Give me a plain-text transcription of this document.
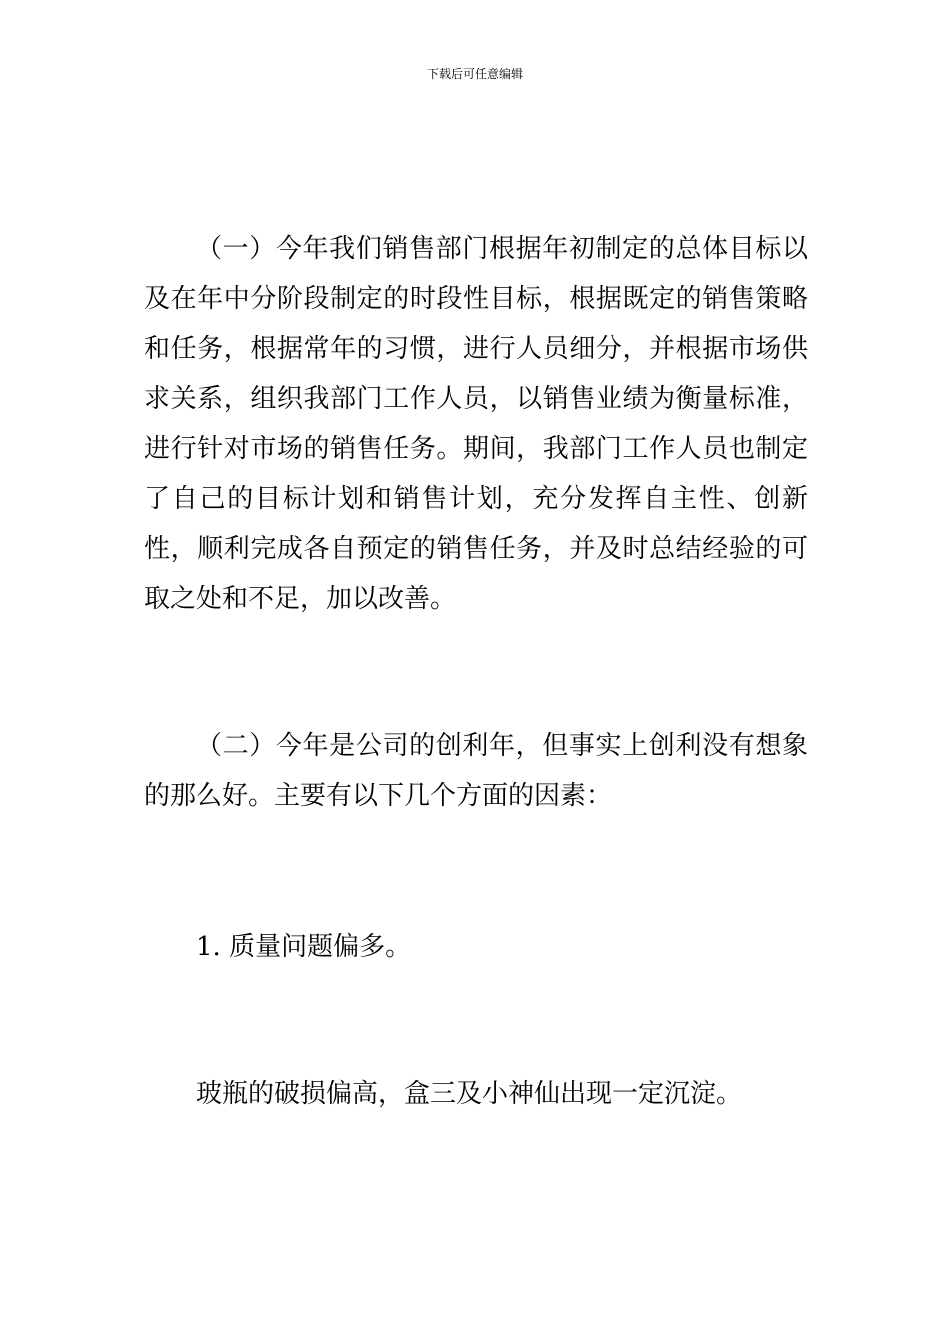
下载后可任意编辑

（一）今年我们销售部门根据年初制定的总体目标以及在年中分阶段制定的时段性目标，根据既定的销售策略和任务，根据常年的习惯，进行人员细分，并根据市场供求关系，组织我部门工作人员，以销售业绩为衡量标准，进行针对市场的销售任务。期间，我部门工作人员也制定了自己的目标计划和销售计划，充分发挥自主性、创新性，顺利完成各自预定的销售任务，并及时总结经验的可取之处和不足，加以改善。

（二）今年是公司的创利年，但事实上创利没有想象的那么好。主要有以下几个方面的因素：

1. 质量问题偏多。

玻瓶的破损偏高，盒三及小神仙出现一定沉淀。
